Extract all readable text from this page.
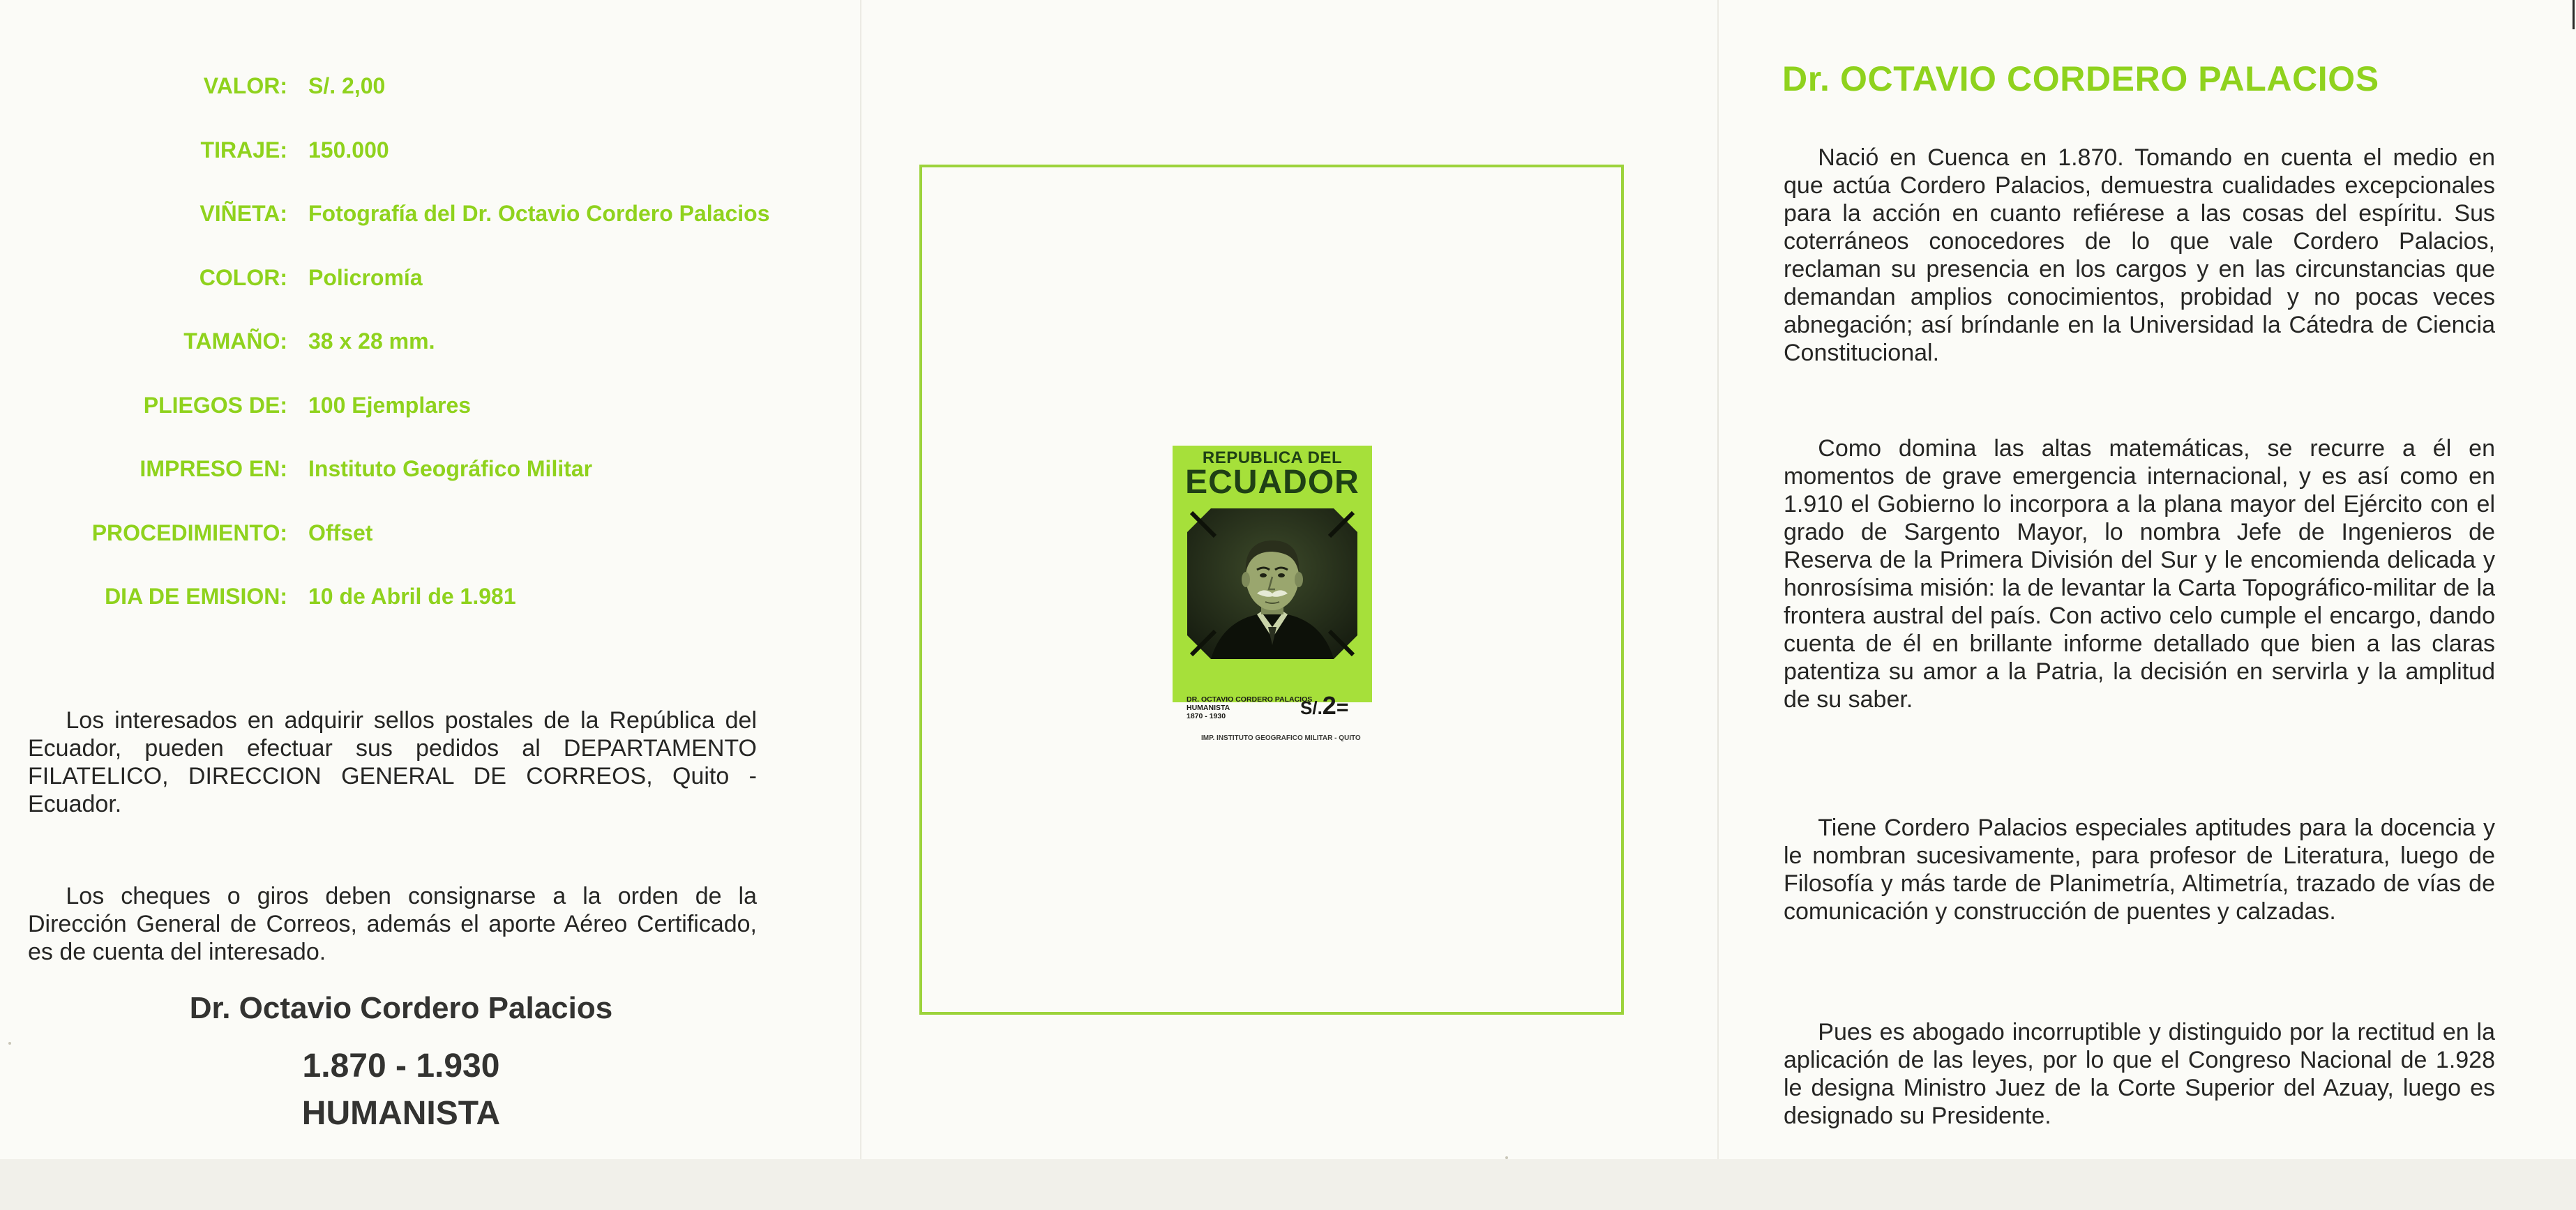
VALOR: S/. 2,00
TIRAJE: 150.000
VIÑETA: Fotografía del Dr. Octavio Cordero Palacios
COLOR: Policromía
TAMAÑO: 38 x 28 mm.
PLIEGOS DE: 100 Ejemplares
IMPRESO EN: Instituto Geográfico Militar
PROCEDIMIENTO: Offset
DIA DE EMISION: 10 de Abril de 1.981

Los interesados en adquirir sellos postales de la República del Ecuador, pueden efectuar sus pedidos al DEPARTAMENTO FILATELICO, DIRECCION GENERAL DE CORREOS, Quito - Ecuador.

Los cheques o giros deben consignarse a la orden de la Dirección General de Correos, además el aporte Aéreo Certificado, es de cuenta del interesado.

Dr. Octavio Cordero Palacios
1.870 - 1.930
HUMANISTA
REPUBLICA DEL
ECUADOR
DR. OCTAVIO CORDERO PALACIOS
HUMANISTA
1870 - 1930	S/.2=
IMP. INSTITUTO GEOGRAFICO MILITAR - QUITO
Dr. OCTAVIO CORDERO PALACIOS

Nació en Cuenca en 1.870. Tomando en cuenta el medio en que actúa Cordero Palacios, demuestra cualidades excepcionales para la acción en cuanto refiérese a las cosas del espíritu. Sus coterráneos conocedores de lo que vale Cordero Palacios, reclaman su presencia en los cargos y en las circunstancias que demandan amplios conocimientos, probidad y no pocas veces abnegación; así bríndanle en la Universidad la Cátedra de Ciencia Constitucional.

Como domina las altas matemáticas, se recurre a él en momentos de grave emergencia internacional, y es así como en 1.910 el Gobierno lo incorpora a la plana mayor del Ejército con el grado de Sargento Mayor, lo nombra Jefe de Ingenieros de Reserva de la Primera División del Sur y le encomienda delicada y honrosísima misión: la de levantar la Carta Topográfico-militar de la frontera austral del país. Con activo celo cumple el encargo, dando cuenta de él en brillante informe detallado que bien a las claras patentiza su amor a la Patria, la decisión en servirla y la amplitud de su saber.

Tiene Cordero Palacios especiales aptitudes para la docencia y le nombran sucesivamente, para profesor de Literatura, luego de Filosofía y más tarde de Planimetría, Altimetría, trazado de vías de comunicación y construcción de puentes y calzadas.

Pues es abogado incorruptible y distinguido por la rectitud en la aplicación de las leyes, por lo que el Congreso Nacional de 1.928 le designa Ministro Juez de la Corte Superior del Azuay, luego es designado su Presidente.
